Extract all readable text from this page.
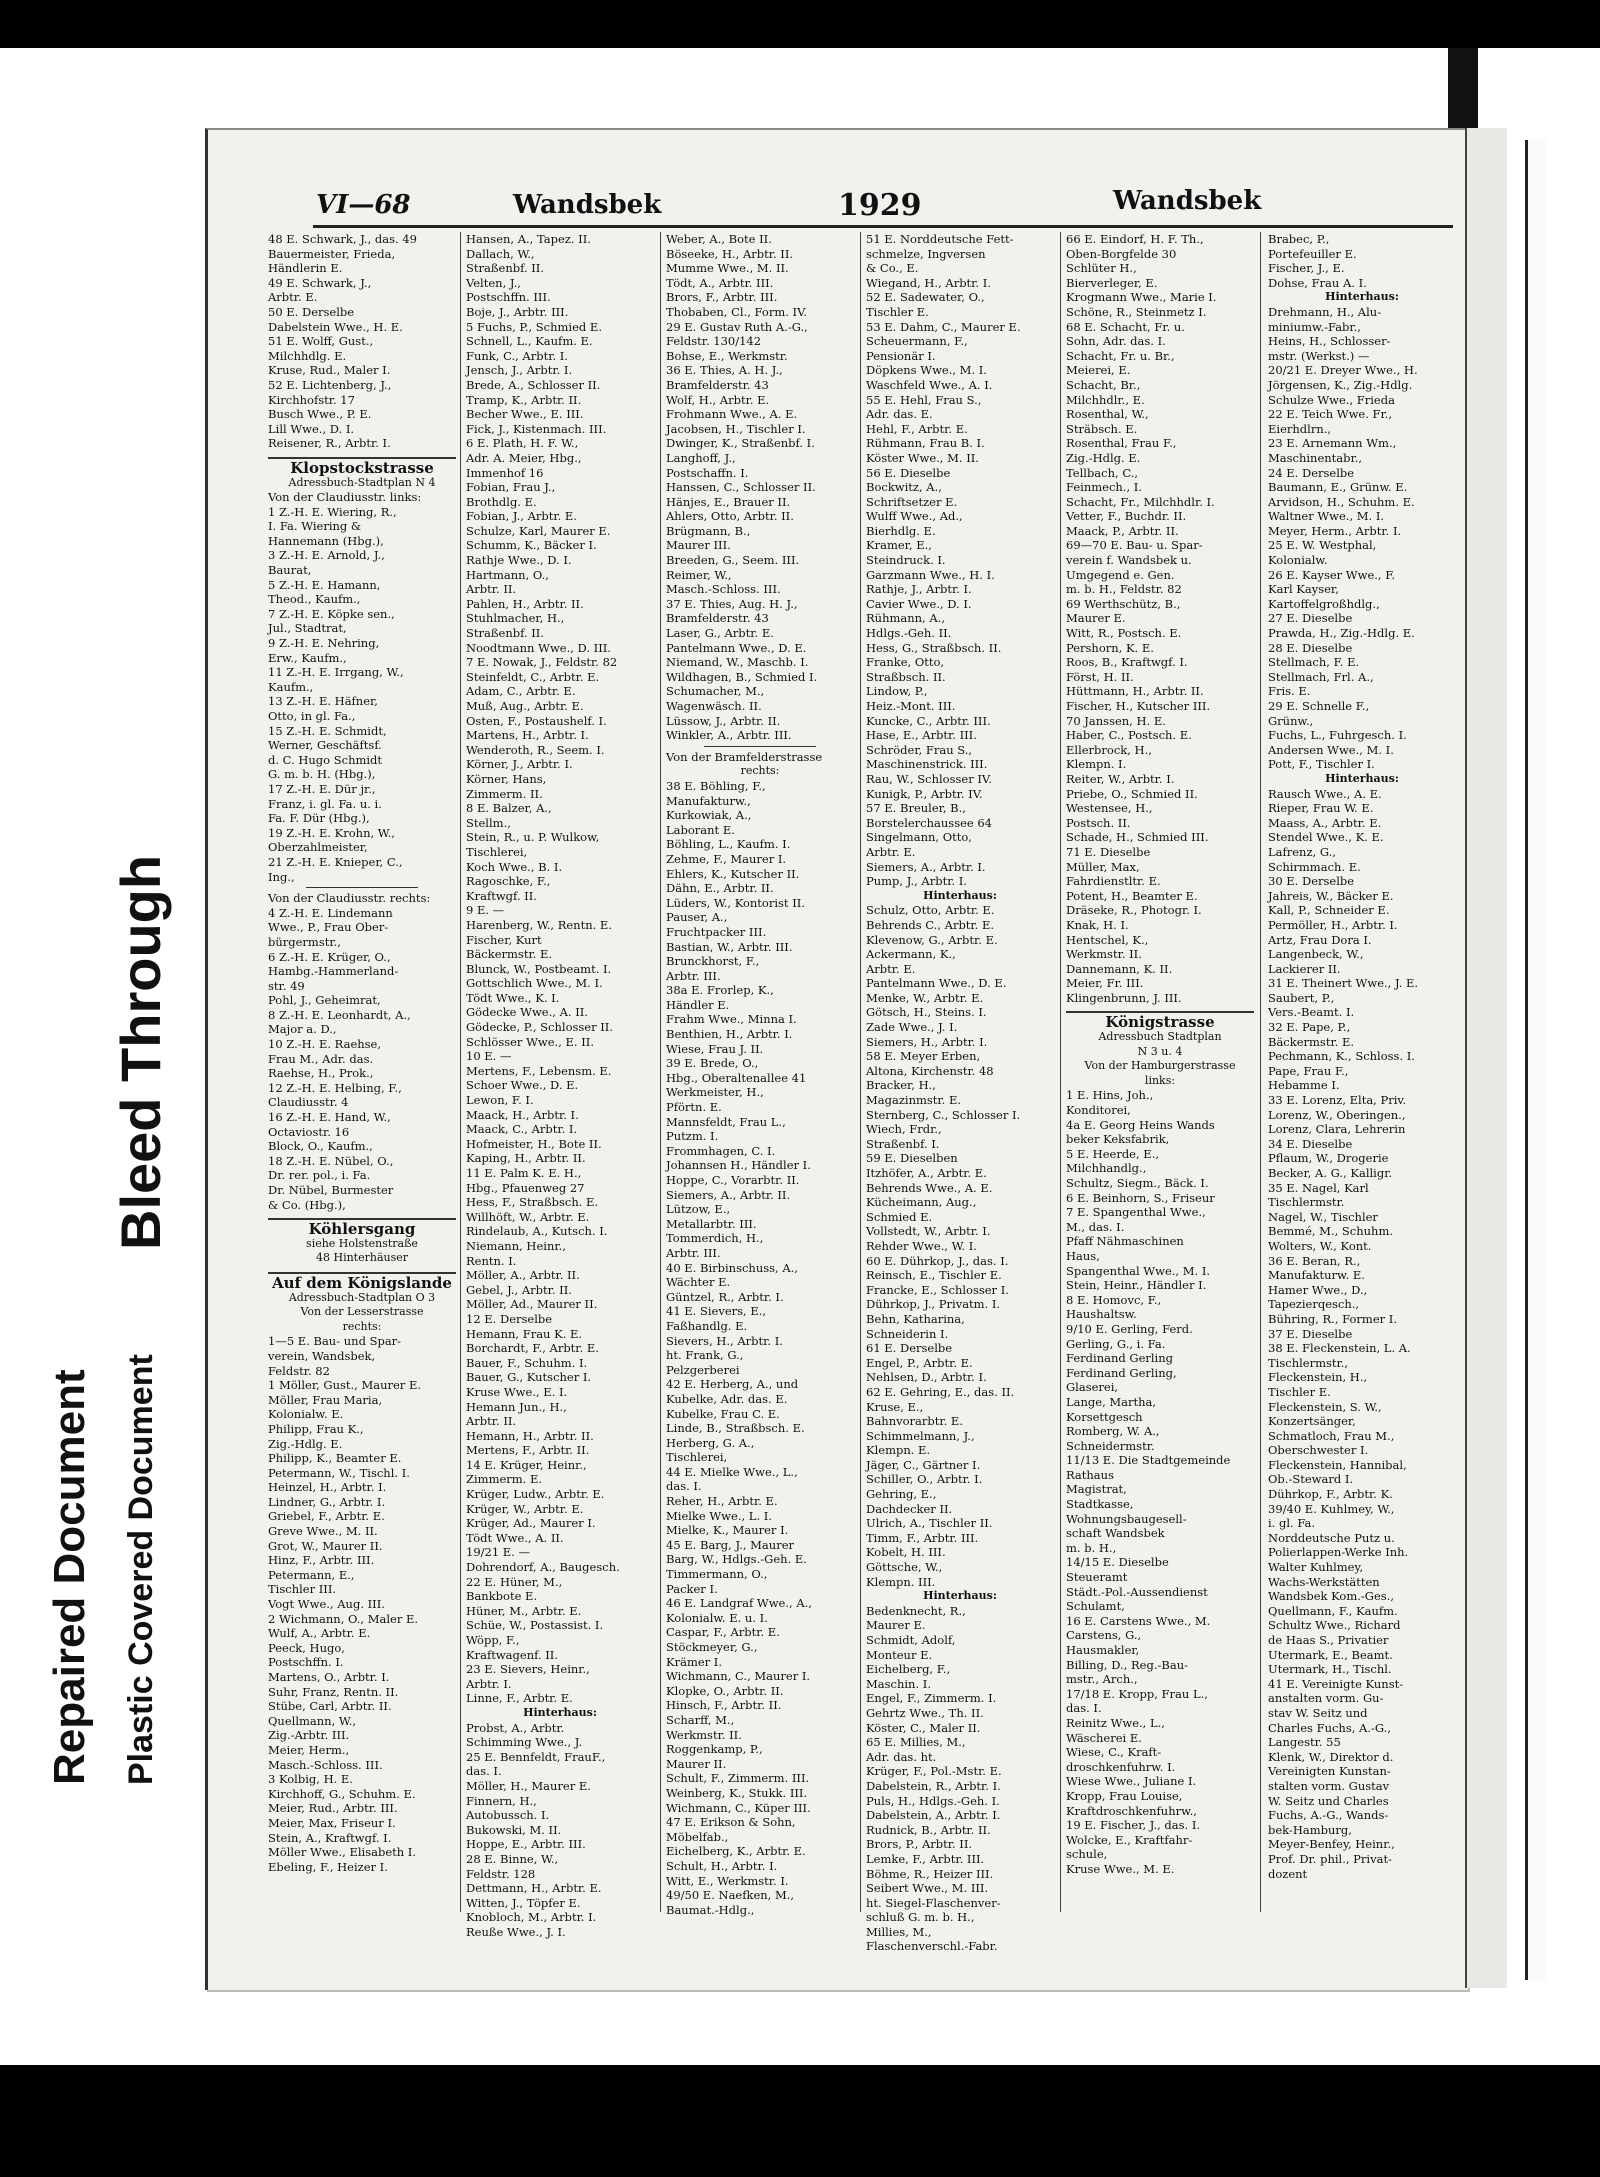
Repaired Document Plastic Covered Document
Bleed Through
VI—68	Wandsbek	1929	Wandsbek
48 E. Schwark, J., das. 49
Bauermeister, Frieda,
Händlerin E.
49 E. Schwark, J.,
Arbtr. E.
50 E. Derselbe
Dabelstein Wwe., H. E.
51 E. Wolff, Gust.,
Milchhdlg. E.
Kruse, Rud., Maler I.
52 E. Lichtenberg, J.,
Kirchhofstr. 17
Busch Wwe., P. E.
Lill Wwe., D. I.
Reisener, R., Arbtr. I.
Klopstockstrasse
Adressbuch-Stadtplan N 4
Von der Claudiusstr. links:
1 Z.-H. E. Wiering, R.,
I. Fa. Wiering &
Hannemann (Hbg.),
3 Z.-H. E. Arnold, J.,
Baurat,
5 Z.-H. E. Hamann,
Theod., Kaufm.,
7 Z.-H. E. Köpke sen.,
Jul., Stadtrat,
9 Z.-H. E. Nehring,
Erw., Kaufm.,
11 Z.-H. E. Irrgang, W.,
Kaufm.,
13 Z.-H. E. Häfner,
Otto, in gl. Fa.,
15 Z.-H. E. Schmidt,
Werner, Geschäftsf.
d. C. Hugo Schmidt
G. m. b. H. (Hbg.),
17 Z.-H. E. Dür jr.,
Franz, i. gl. Fa. u. i.
Fa. F. Dür (Hbg.),
19 Z.-H. E. Krohn, W.,
Oberzahlmeister,
21 Z.-H. E. Knieper, C.,
Ing.,
Von der Claudiusstr. rechts:
4 Z.-H. E. Lindemann
Wwe., P., Frau Ober-
bürgermstr.,
6 Z.-H. E. Krüger, O.,
Hambg.-Hammerland-
str. 49
Pohl, J., Geheimrat,
8 Z.-H. E. Leonhardt, A.,
Major a. D.,
10 Z.-H. E. Raehse,
Frau M., Adr. das.
Raehse, H., Prok.,
12 Z.-H. E. Helbing, F.,
Claudiusstr. 4
16 Z.-H. E. Hand, W.,
Octaviostr. 16
Block, O., Kaufm.,
18 Z.-H. E. Nübel, O.,
Dr. rer. pol., i. Fa.
Dr. Nübel, Burmester
& Co. (Hbg.),
Köhlersgang
siehe Holstenstraße
48 Hinterhäuser
Auf dem Königslande
Adressbuch-Stadtplan O 3
Von der Lesserstrasse
rechts:
1—5 E. Bau- und Spar-
verein, Wandsbek,
Feldstr. 82
1 Möller, Gust., Maurer E.
Möller, Frau Maria,
Kolonialw. E.
Philipp, Frau K.,
Zig.-Hdlg. E.
Philipp, K., Beamter E.
Petermann, W., Tischl. I.
Heinzel, H., Arbtr. I.
Lindner, G., Arbtr. I.
Griebel, F., Arbtr. E.
Greve Wwe., M. II.
Grot, W., Maurer II.
Hinz, F., Arbtr. III.
Petermann, E.,
Tischler III.
Vogt Wwe., Aug. III.
2 Wichmann, O., Maler E.
Wulf, A., Arbtr. E.
Peeck, Hugo,
Postschffn. I.
Martens, O., Arbtr. I.
Suhr, Franz, Rentn. II.
Stübe, Carl, Arbtr. II.
Quellmann, W.,
Zig.-Arbtr. III.
Meier, Herm.,
Masch.-Schloss. III.
3 Kolbig, H. E.
Kirchhoff, G., Schuhm. E.
Meier, Rud., Arbtr. III.
Meier, Max, Friseur I.
Stein, A., Kraftwgf. I.
Möller Wwe., Elisabeth I.
Ebeling, F., Heizer I.
Hansen, A., Tapez. II.
Dallach, W.,
Straßenbf. II.
Velten, J.,
Postschffn. III.
Boje, J., Arbtr. III.
5 Fuchs, P., Schmied E.
Schnell, L., Kaufm. E.
Funk, C., Arbtr. I.
Jensch, J., Arbtr. I.
Brede, A., Schlosser II.
Tramp, K., Arbtr. II.
Becher Wwe., E. III.
Fick, J., Kistenmach. III.
6 E. Plath, H. F. W.,
Adr. A. Meier, Hbg.,
Immenhof 16
Fobian, Frau J.,
Brothdlg. E.
Fobian, J., Arbtr. E.
Schulze, Karl, Maurer E.
Schumm, K., Bäcker I.
Rathje Wwe., D. I.
Hartmann, O.,
Arbtr. II.
Pahlen, H., Arbtr. II.
Stuhlmacher, H.,
Straßenbf. II.
Noodtmann Wwe., D. III.
7 E. Nowak, J., Feldstr. 82
Steinfeldt, C., Arbtr. E.
Adam, C., Arbtr. E.
Muß, Aug., Arbtr. E.
Osten, F., Postaushelf. I.
Martens, H., Arbtr. I.
Wenderoth, R., Seem. I.
Körner, J., Arbtr. I.
Körner, Hans,
Zimmerm. II.
8 E. Balzer, A.,
Stellm.,
Stein, R., u. P. Wulkow,
Tischlerei,
Koch Wwe., B. I.
Ragoschke, F.,
Kraftwgf. II.
9 E. —
Harenberg, W., Rentn. E.
Fischer, Kurt
Bäckermstr. E.
Blunck, W., Postbeamt. I.
Gottschlich Wwe., M. I.
Tödt Wwe., K. I.
Gödecke Wwe., A. II.
Gödecke, P., Schlosser II.
Schlösser Wwe., E. II.
10 E. —
Mertens, F., Lebensm. E.
Schoer Wwe., D. E.
Lewon, F. I.
Maack, H., Arbtr. I.
Maack, C., Arbtr. I.
Hofmeister, H., Bote II.
Kaping, H., Arbtr. II.
11 E. Palm K. E. H.,
Hbg., Pfauenweg 27
Hess, F., Straßbsch. E.
Willhöft, W., Arbtr. E.
Rindelaub, A., Kutsch. I.
Niemann, Heinr.,
Rentn. I.
Möller, A., Arbtr. II.
Gebel, J., Arbtr. II.
Möller, Ad., Maurer II.
12 E. Derselbe
Hemann, Frau K. E.
Borchardt, F., Arbtr. E.
Bauer, F., Schuhm. I.
Bauer, G., Kutscher I.
Kruse Wwe., E. I.
Hemann Jun., H.,
Arbtr. II.
Hemann, H., Arbtr. II.
Mertens, F., Arbtr. II.
14 E. Krüger, Heinr.,
Zimmerm. E.
Krüger, Ludw., Arbtr. E.
Krüger, W., Arbtr. E.
Krüger, Ad., Maurer I.
Tödt Wwe., A. II.
19/21 E. —
Dohrendorf, A., Baugesch.
22 E. Hüner, M.,
Bankbote E.
Hüner, M., Arbtr. E.
Schüe, W., Postassist. I.
Wöpp, F.,
Kraftwagenf. II.
23 E. Sievers, Heinr.,
Arbtr. I.
Linne, F., Arbtr. E.
Hinterhaus:
Probst, A., Arbtr.
Schimming Wwe., J.
25 E. Bennfeldt, FrauF.,
das. I.
Möller, H., Maurer E.
Finnern, H.,
Autobussch. I.
Bukowski, M. II.
Hoppe, E., Arbtr. III.
28 E. Binne, W.,
Feldstr. 128
Dettmann, H., Arbtr. E.
Witten, J., Töpfer E.
Knobloch, M., Arbtr. I.
Reuße Wwe., J. I.
Weber, A., Bote II.
Böseeke, H., Arbtr. II.
Mumme Wwe., M. II.
Tödt, A., Arbtr. III.
Brors, F., Arbtr. III.
Thobaben, Cl., Form. IV.
29 E. Gustav Ruth A.-G.,
Feldstr. 130/142
Bohse, E., Werkmstr.
36 E. Thies, A. H. J.,
Bramfelderstr. 43
Wolf, H., Arbtr. E.
Frohmann Wwe., A. E.
Jacobsen, H., Tischler I.
Dwinger, K., Straßenbf. I.
Langhoff, J.,
Postschaffn. I.
Hanssen, C., Schlosser II.
Hänjes, E., Brauer II.
Ahlers, Otto, Arbtr. II.
Brügmann, B.,
Maurer III.
Breeden, G., Seem. III.
Reimer, W.,
Masch.-Schloss. III.
37 E. Thies, Aug. H. J.,
Bramfelderstr. 43
Laser, G., Arbtr. E.
Pantelmann Wwe., D. E.
Niemand, W., Maschb. I.
Wildhagen, B., Schmied I.
Schumacher, M.,
Wagenwäsch. II.
Lüssow, J., Arbtr. II.
Winkler, A., Arbtr. III.
Von der Bramfelderstrasse
rechts:
38 E. Böhling, F.,
Manufakturw.,
Kurkowiak, A.,
Laborant E.
Böhling, L., Kaufm. I.
Zehme, F., Maurer I.
Ehlers, K., Kutscher II.
Dähn, E., Arbtr. II.
Lüders, W., Kontorist II.
Pauser, A.,
Fruchtpacker III.
Bastian, W., Arbtr. III.
Brunckhorst, F.,
Arbtr. III.
38a E. Frorlep, K.,
Händler E.
Frahm Wwe., Minna I.
Benthien, H., Arbtr. I.
Wiese, Frau J. II.
39 E. Brede, O.,
Hbg., Oberaltenallee 41
Werkmeister, H.,
Pförtn. E.
Mannsfeldt, Frau L.,
Putzm. I.
Frommhagen, C. I.
Johannsen H., Händler I.
Hoppe, C., Vorarbtr. II.
Siemers, A., Arbtr. II.
Lützow, E.,
Metallarbtr. III.
Tommerdich, H.,
Arbtr. III.
40 E. Birbinschuss, A.,
Wächter E.
Güntzel, R., Arbtr. I.
41 E. Sievers, E.,
Faßhandlg. E.
Sievers, H., Arbtr. I.
ht. Frank, G.,
Pelzgerberei
42 E. Herberg, A., und
Kubelke, Adr. das. E.
Kubelke, Frau C. E.
Linde, B., Straßbsch. E.
Herberg, G. A.,
Tischlerei,
44 E. Mielke Wwe., L.,
das. I.
Reher, H., Arbtr. E.
Mielke Wwe., L. I.
Mielke, K., Maurer I.
45 E. Barg, J., Maurer
Barg, W., Hdlgs.-Geh. E.
Timmermann, O.,
Packer I.
46 E. Landgraf Wwe., A.,
Kolonialw. E. u. I.
Caspar, F., Arbtr. E.
Stöckmeyer, G.,
Krämer I.
Wichmann, C., Maurer I.
Klopke, O., Arbtr. II.
Hinsch, F., Arbtr. II.
Scharff, M.,
Werkmstr. II.
Roggenkamp, P.,
Maurer II.
Schult, F., Zimmerm. III.
Weinberg, K., Stukk. III.
Wichmann, C., Küper III.
47 E. Erikson & Sohn,
Möbelfab.,
Eichelberg, K., Arbtr. E.
Schult, H., Arbtr. I.
Witt, E., Werkmstr. I.
49/50 E. Naefken, M.,
Baumat.-Hdlg.,
51 E. Norddeutsche Fett-
schmelze, Ingversen
& Co., E.
Wiegand, H., Arbtr. I.
52 E. Sadewater, O.,
Tischler E.
53 E. Dahm, C., Maurer E.
Scheuermann, F.,
Pensionär I.
Döpkens Wwe., M. I.
Waschfeld Wwe., A. I.
55 E. Hehl, Frau S.,
Adr. das. E.
Hehl, F., Arbtr. E.
Rühmann, Frau B. I.
Köster Wwe., M. II.
56 E. Dieselbe
Bockwitz, A.,
Schriftsetzer E.
Wulff Wwe., Ad.,
Bierhdlg. E.
Kramer, E.,
Steindruck. I.
Garzmann Wwe., H. I.
Rathje, J., Arbtr. I.
Cavier Wwe., D. I.
Rühmann, A.,
Hdlgs.-Geh. II.
Hess, G., Straßbsch. II.
Franke, Otto,
Straßbsch. II.
Lindow, P.,
Heiz.-Mont. III.
Kuncke, C., Arbtr. III.
Hase, E., Arbtr. III.
Schröder, Frau S.,
Maschinenstrick. III.
Rau, W., Schlosser IV.
Kunigk, P., Arbtr. IV.
57 E. Breuler, B.,
Borstelerchaussee 64
Singelmann, Otto,
Arbtr. E.
Siemers, A., Arbtr. I.
Pump, J., Arbtr. I.
Hinterhaus:
Schulz, Otto, Arbtr. E.
Behrends C., Arbtr. E.
Klevenow, G., Arbtr. E.
Ackermann, K.,
Arbtr. E.
Pantelmann Wwe., D. E.
Menke, W., Arbtr. E.
Götsch, H., Steins. I.
Zade Wwe., J. I.
Siemers, H., Arbtr. I.
58 E. Meyer Erben,
Altona, Kirchenstr. 48
Bracker, H.,
Magazinmstr. E.
Sternberg, C., Schlosser I.
Wiech, Frdr.,
Straßenbf. I.
59 E. Dieselben
Itzhöfer, A., Arbtr. E.
Behrends Wwe., A. E.
Kücheimann, Aug.,
Schmied E.
Vollstedt, W., Arbtr. I.
Rehder Wwe., W. I.
60 E. Dührkop, J., das. I.
Reinsch, E., Tischler E.
Francke, E., Schlosser I.
Dührkop, J., Privatm. I.
Behn, Katharina,
Schneiderin I.
61 E. Derselbe
Engel, P., Arbtr. E.
Nehlsen, D., Arbtr. I.
62 E. Gehring, E., das. II.
Kruse, E.,
Bahnvorarbtr. E.
Schimmelmann, J.,
Klempn. E.
Jäger, C., Gärtner I.
Schiller, O., Arbtr. I.
Gehring, E.,
Dachdecker II.
Ulrich, A., Tischler II.
Timm, F., Arbtr. III.
Kobelt, H. III.
Göttsche, W.,
Klempn. III.
Hinterhaus:
Bedenknecht, R.,
Maurer E.
Schmidt, Adolf,
Monteur E.
Eichelberg, F.,
Maschin. I.
Engel, F., Zimmerm. I.
Gehrtz Wwe., Th. II.
Köster, C., Maler II.
65 E. Millies, M.,
Adr. das. ht.
Krüger, F., Pol.-Mstr. E.
Dabelstein, R., Arbtr. I.
Puls, H., Hdlgs.-Geh. I.
Dabelstein, A., Arbtr. I.
Rudnick, B., Arbtr. II.
Brors, P., Arbtr. II.
Lemke, F., Arbtr. III.
Böhme, R., Heizer III.
Seibert Wwe., M. III.
ht. Siegel-Flaschenver-
schluß G. m. b. H.,
Millies, M.,
Flaschenverschl.-Fabr.
66 E. Eindorf, H. F. Th.,
Oben-Borgfelde 30
Schlüter H.,
Bierverleger, E.
Krogmann Wwe., Marie I.
Schöne, R., Steinmetz I.
68 E. Schacht, Fr. u.
Sohn, Adr. das. I.
Schacht, Fr. u. Br.,
Meierei, E.
Schacht, Br.,
Milchhdlr., E.
Rosenthal, W.,
Sträbsch. E.
Rosenthal, Frau F.,
Zig.-Hdlg. E.
Tellbach, C.,
Feinmech., I.
Schacht, Fr., Milchhdlr. I.
Vetter, F., Buchdr. II.
Maack, P., Arbtr. II.
69—70 E. Bau- u. Spar-
verein f. Wandsbek u.
Umgegend e. Gen.
m. b. H., Feldstr. 82
69 Werthschütz, B.,
Maurer E.
Witt, R., Postsch. E.
Pershorn, K. E.
Roos, B., Kraftwgf. I.
Först, H. II.
Hüttmann, H., Arbtr. II.
Fischer, H., Kutscher III.
70 Janssen, H. E.
Haber, C., Postsch. E.
Ellerbrock, H.,
Klempn. I.
Reiter, W., Arbtr. I.
Priebe, O., Schmied II.
Westensee, H.,
Postsch. II.
Schade, H., Schmied III.
71 E. Dieselbe
Müller, Max,
Fahrdienstltr. E.
Potent, H., Beamter E.
Dräseke, R., Photogr. I.
Knak, H. I.
Hentschel, K.,
Werkmstr. II.
Dannemann, K. II.
Meier, Fr. III.
Klingenbrunn, J. III.
Königstrasse
Adressbuch Stadtplan
N 3 u. 4
Von der Hamburgerstrasse
links:
1 E. Hins, Joh.,
Konditorei,
4a E. Georg Heins Wands
beker Keksfabrik,
5 E. Heerde, E.,
Milchhandlg.,
Schultz, Siegm., Bäck. I.
6 E. Beinhorn, S., Friseur
7 E. Spangenthal Wwe.,
M., das. I.
Pfaff Nähmaschinen
Haus,
Spangenthal Wwe., M. I.
Stein, Heinr., Händler I.
8 E. Homovc, F.,
Haushaltsw.
9/10 E. Gerling, Ferd.
Gerling, G., i. Fa.
Ferdinand Gerling
Ferdinand Gerling,
Glaserei,
Lange, Martha,
Korsettgesch
Romberg, W. A.,
Schneidermstr.
11/13 E. Die Stadtgemeinde
Rathaus
Magistrat,
Stadtkasse,
Wohnungsbaugesell-
schaft Wandsbek
m. b. H.,
14/15 E. Dieselbe
Steueramt
Städt.-Pol.-Aussendienst
Schulamt,
16 E. Carstens Wwe., M.
Carstens, G.,
Hausmakler,
Billing, D., Reg.-Bau-
mstr., Arch.,
17/18 E. Kropp, Frau L.,
das. I.
Reinitz Wwe., L.,
Wäscherei E.
Wiese, C., Kraft-
droschkenfuhrw. I.
Wiese Wwe., Juliane I.
Kropp, Frau Louise,
Kraftdroschkenfuhrw.,
19 E. Fischer, J., das. I.
Wolcke, E., Kraftfahr-
schule,
Kruse Wwe., M. E.
Brabec, P.,
Portefeuiller E.
Fischer, J., E.
Dohse, Frau A. I.
Hinterhaus:
Drehmann, H., Alu-
miniumw.-Fabr.,
Heins, H., Schlosser-
mstr. (Werkst.) —
20/21 E. Dreyer Wwe., H.
Jörgensen, K., Zig.-Hdlg.
Schulze Wwe., Frieda
22 E. Teich Wwe. Fr.,
Eierhdlrn.,
23 E. Arnemann Wm.,
Maschinentabr.,
24 E. Derselbe
Baumann, E., Grünw. E.
Arvidson, H., Schuhm. E.
Waltner Wwe., M. I.
Meyer, Herm., Arbtr. I.
25 E. W. Westphal,
Kolonialw.
26 E. Kayser Wwe., F.
Karl Kayser,
Kartoffelgroßhdlg.,
27 E. Dieselbe
Prawda, H., Zig.-Hdlg. E.
28 E. Dieselbe
Stellmach, F. E.
Stellmach, Frl. A.,
Fris. E.
29 E. Schnelle F.,
Grünw.,
Fuchs, L., Fuhrgesch. I.
Andersen Wwe., M. I.
Pott, F., Tischler I.
Hinterhaus:
Rausch Wwe., A. E.
Rieper, Frau W. E.
Maass, A., Arbtr. E.
Stendel Wwe., K. E.
Lafrenz, G.,
Schirmmach. E.
30 E. Derselbe
Jahreis, W., Bäcker E.
Kall, P., Schneider E.
Permöller, H., Arbtr. I.
Artz, Frau Dora I.
Langenbeck, W.,
Lackierer II.
31 E. Theinert Wwe., J. E.
Saubert, P.,
Vers.-Beamt. I.
32 E. Pape, P.,
Bäckermstr. E.
Pechmann, K., Schloss. I.
Pape, Frau F.,
Hebamme I.
33 E. Lorenz, Elta, Priv.
Lorenz, W., Oberingen.,
Lorenz, Clara, Lehrerin
34 E. Dieselbe
Pflaum, W., Drogerie
Becker, A. G., Kalligr.
35 E. Nagel, Karl
Tischlermstr.
Nagel, W., Tischler
Bemmé, M., Schuhm.
Wolters, W., Kont.
36 E. Beran, R.,
Manufakturw. E.
Hamer Wwe., D.,
Tapezierqesch.,
Bühring, R., Former I.
37 E. Dieselbe
38 E. Fleckenstein, L. A.
Tischlermstr.,
Fleckenstein, H.,
Tischler E.
Fleckenstein, S. W.,
Konzertsänger,
Schmatloch, Frau M.,
Oberschwester I.
Fleckenstein, Hannibal,
Ob.-Steward I.
Dührkop, F., Arbtr. K.
39/40 E. Kuhlmey, W.,
i. gl. Fa.
Norddeutsche Putz u.
Polierlappen-Werke Inh.
Walter Kuhlmey,
Wachs-Werkstätten
Wandsbek Kom.-Ges.,
Quellmann, F., Kaufm.
Schultz Wwe., Richard
de Haas S., Privatier
Utermark, E., Beamt.
Utermark, H., Tischl.
41 E. Vereinigte Kunst-
anstalten vorm. Gu-
stav W. Seitz und
Charles Fuchs, A.-G.,
Langestr. 55
Klenk, W., Direktor d.
Vereinigten Kunstan-
stalten vorm. Gustav
W. Seitz und Charles
Fuchs, A.-G., Wands-
bek-Hamburg,
Meyer-Benfey, Heinr.,
Prof. Dr. phil., Privat-
dozent
